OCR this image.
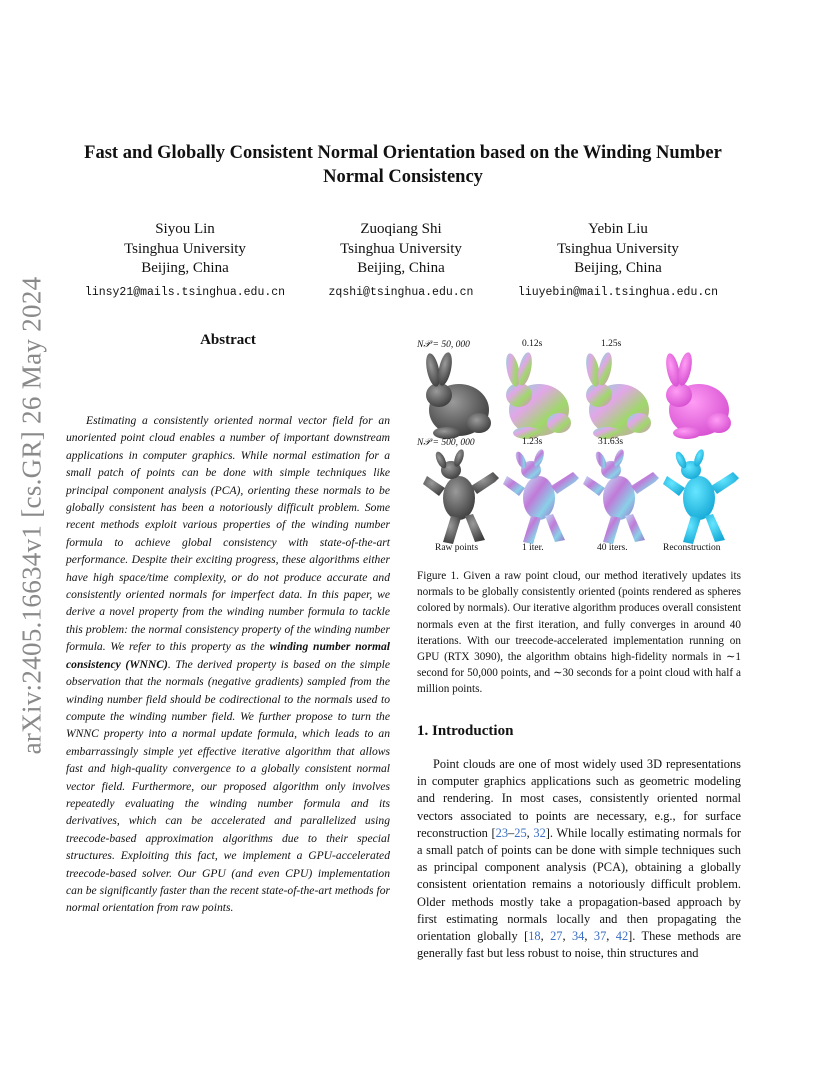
arXiv:2405.16634v1 [cs.GR] 26 May 2024
Fast and Globally Consistent Normal Orientation based on the Winding Number Normal Consistency
Siyou Lin
Tsinghua University
Beijing, China
linsy21@mails.tsinghua.edu.cn
Zuoqiang Shi
Tsinghua University
Beijing, China
zqshi@tsinghua.edu.cn
Yebin Liu
Tsinghua University
Beijing, China
liuyebin@mail.tsinghua.edu.cn
Abstract
Estimating a consistently oriented normal vector field for an unoriented point cloud enables a number of important downstream applications in computer graphics. While normal estimation for a small patch of points can be done with simple techniques like principal component analysis (PCA), orienting these normals to be globally consistent has been a notoriously difficult problem. Some recent methods exploit various properties of the winding number formula to achieve global consistency with state-of-the-art performance. Despite their exciting progress, these algorithms either have high space/time complexity, or do not produce accurate and consistently oriented normals for imperfect data. In this paper, we derive a novel property from the winding number formula to tackle this problem: the normal consistency property of the winding number formula. We refer to this property as the winding number normal consistency (WNNC). The derived property is based on the simple observation that the normals (negative gradients) sampled from the winding number field should be codirectional to the normals used to compute the winding number field. We further propose to turn the WNNC property into a normal update formula, which leads to an embarrassingly simple yet effective iterative algorithm that allows fast and high-quality convergence to a globally consistent normal vector field. Furthermore, our proposed algorithm only involves repeatedly evaluating the winding number formula and its derivatives, which can be accelerated and parallelized using treecode-based approximation algorithms due to their special structures. Exploiting this fact, we implement a GPU-accelerated treecode-based solver. Our GPU (and even CPU) implementation can be significantly faster than the recent state-of-the-art methods for normal orientation from raw points.
N𝒫 = 50, 000	0.12s	1.25s
N𝒫 = 500, 000	1.23s	31.63s
Raw points	1 iter.	40 iters.	Reconstruction
Figure 1. Given a raw point cloud, our method iteratively updates its normals to be globally consistently oriented (points rendered as spheres colored by normals). Our iterative algorithm produces overall consistent normals even at the first iteration, and fully converges in around 40 iterations. With our treecode-accelerated implementation running on GPU (RTX 3090), the algorithm obtains high-fidelity normals in ∼1 second for 50,000 points, and ∼30 seconds for a point cloud with half a million points.
1. Introduction
Point clouds are one of most widely used 3D representations in computer graphics applications such as geometric modeling and rendering. In most cases, consistently oriented normal vectors associated to points are necessary, e.g., for surface reconstruction [23–25, 32]. While locally estimating normals for a small patch of points can be done with simple techniques such as principal component analysis (PCA), obtaining a globally consistent orientation remains a notoriously difficult problem. Older methods mostly take a propagation-based approach by first estimating normals locally and then propagating the orientation globally [18, 27, 34, 37, 42]. These methods are generally fast but less robust to noise, thin structures and
